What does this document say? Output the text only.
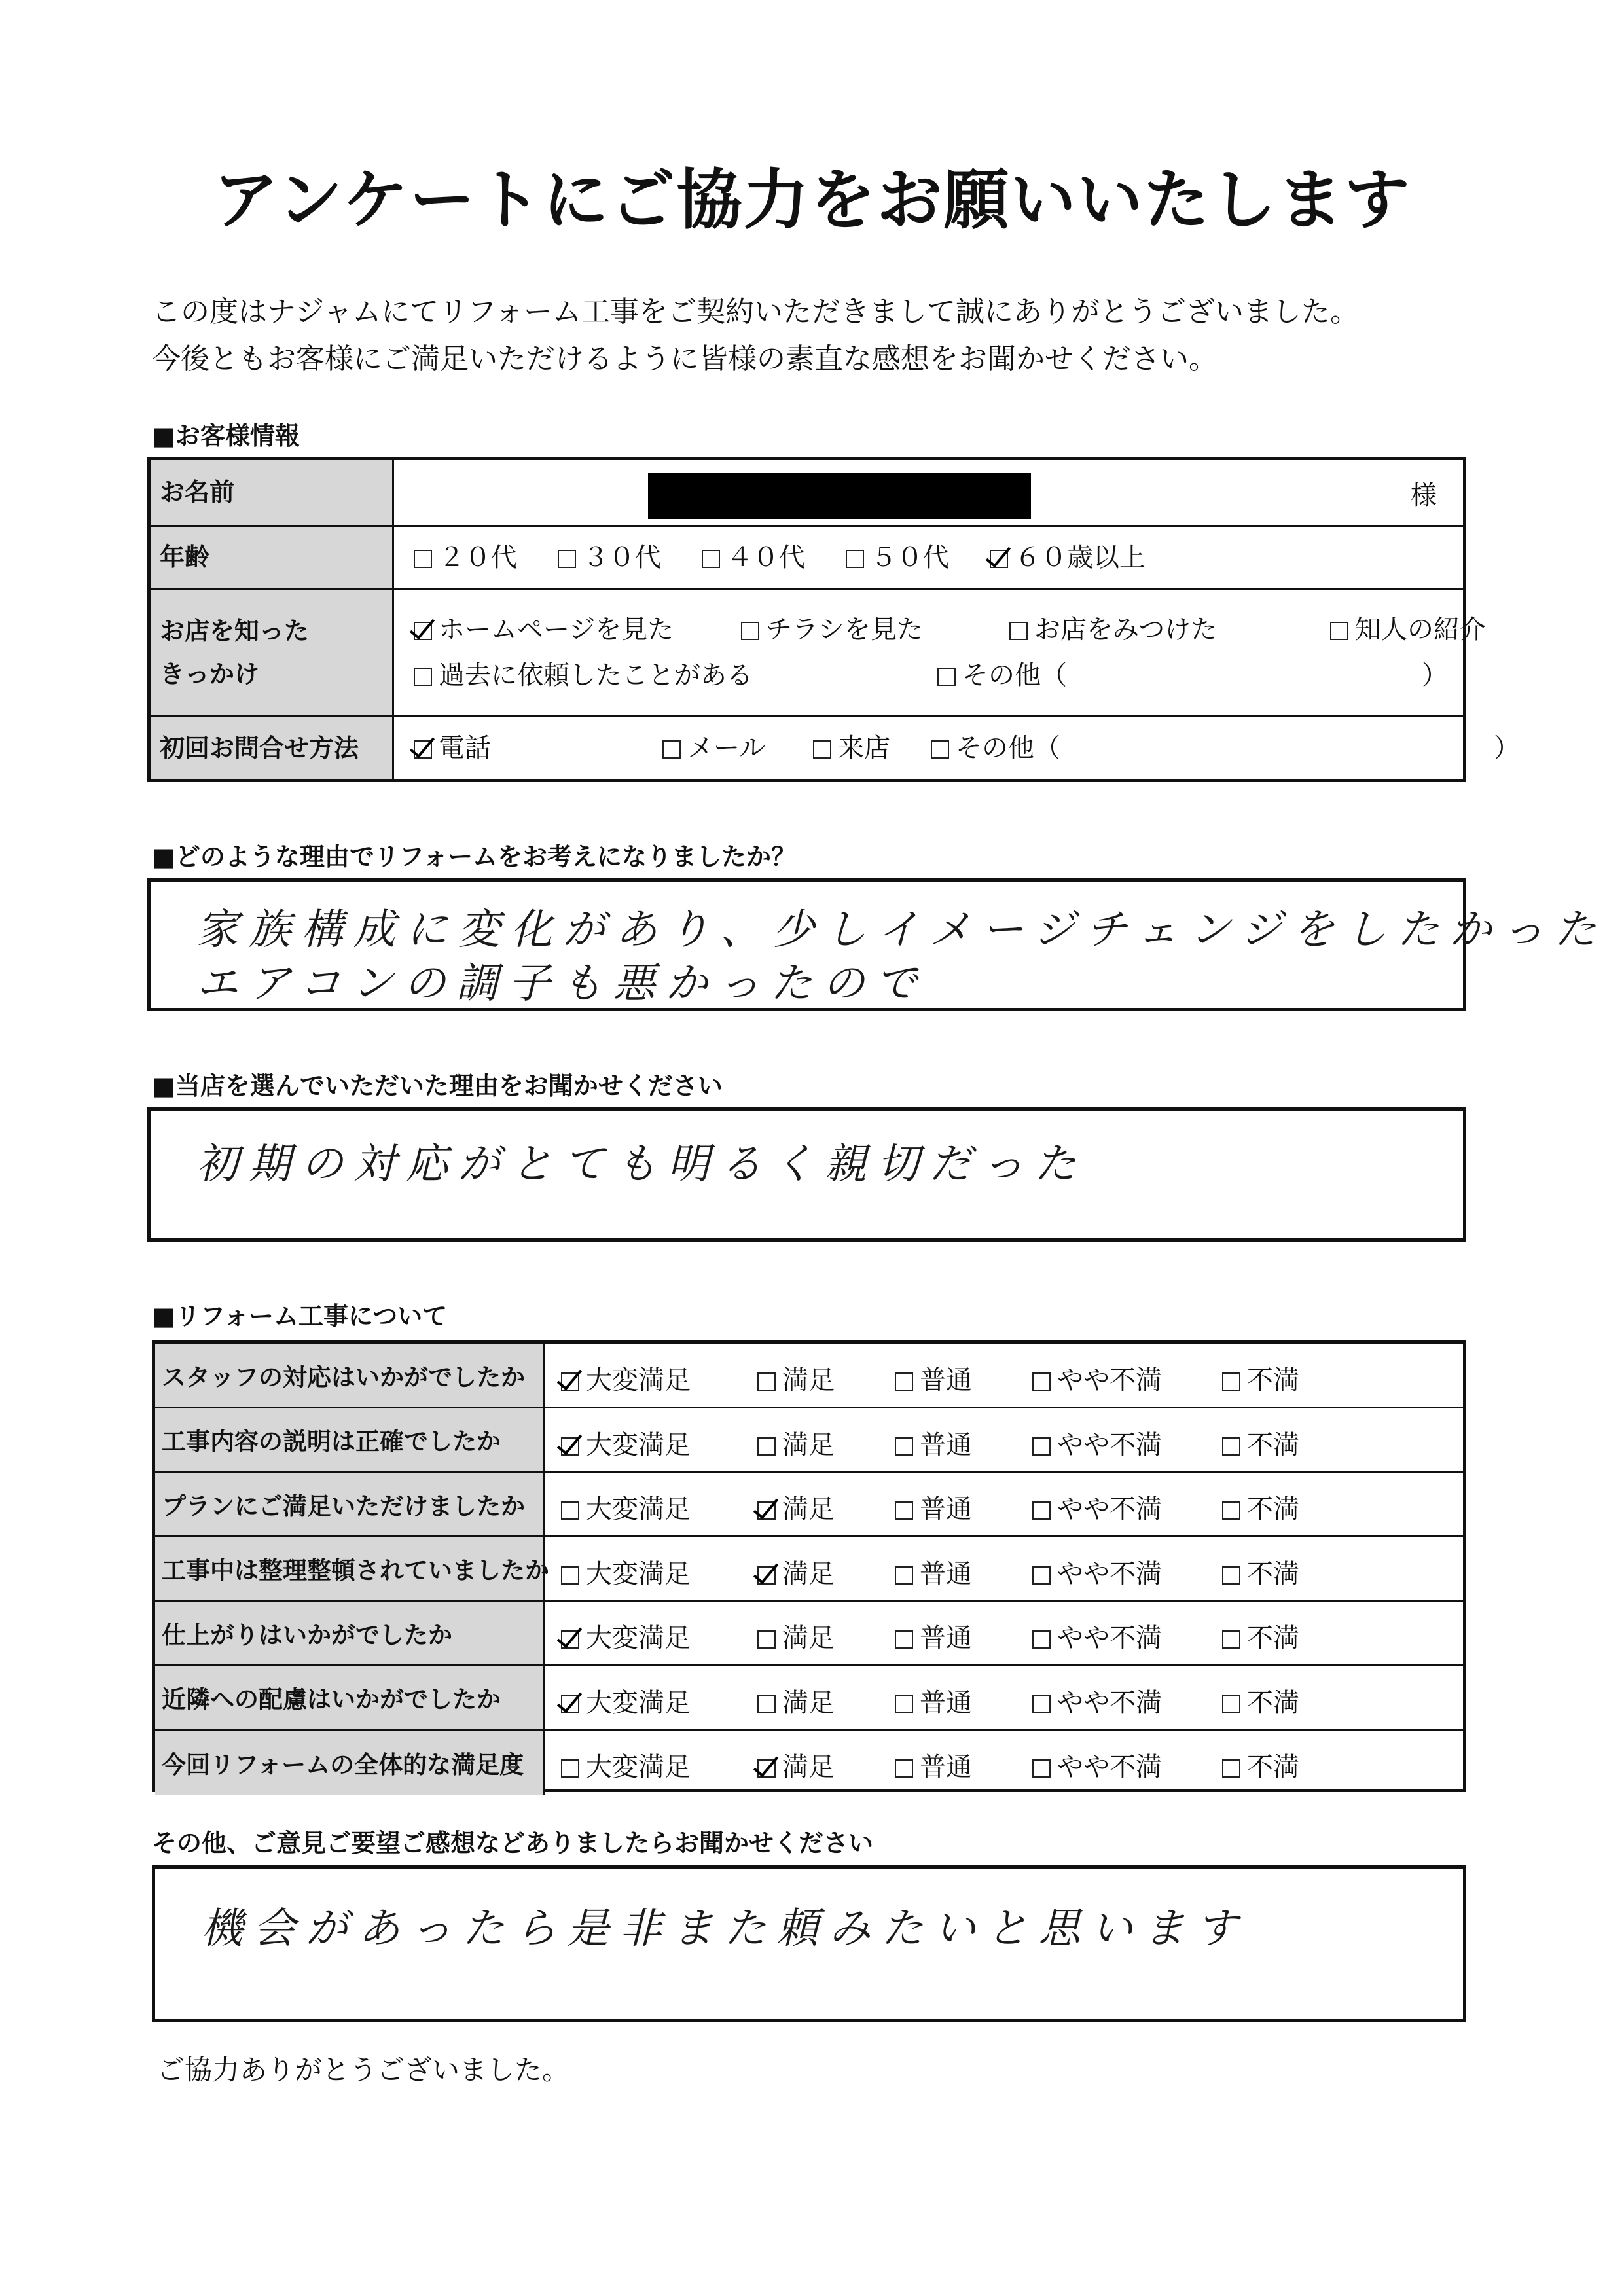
アンケートにご協力をお願いいたします
この度はナジャムにてリフォーム工事をご契約いただきまして誠にありがとうございました。
今後ともお客様にご満足いただけるように皆様の素直な感想をお聞かせください。
■お客様情報
お名前	様
年齢	２０代	３０代	４０代	５０代	６０歳以上
お店を知った
きっかけ
ホームページを見た	チラシを見た	お店をみつけた	知人の紹介
過去に依頼したことがある	その他（	）
初回お問合せ方法	電話	メール	来店	その他（	）
■どのような理由でリフォームをお考えになりましたか？
家族構成に変化があり、少しイメージチェンジをしたかった
エアコンの調子も悪かったので
■当店を選んでいただいた理由をお聞かせください
初期の対応がとても明るく親切だった
■リフォーム工事について
スタッフの対応はいかがでしたか	大変満足	満足	普通	やや不満	不満
工事内容の説明は正確でしたか	大変満足	満足	普通	やや不満	不満
プランにご満足いただけましたか	大変満足	満足	普通	やや不満	不満
工事中は整理整頓されていましたか	大変満足	満足	普通	やや不満	不満
仕上がりはいかがでしたか	大変満足	満足	普通	やや不満	不満
近隣への配慮はいかがでしたか	大変満足	満足	普通	やや不満	不満
今回リフォームの全体的な満足度	大変満足	満足	普通	やや不満	不満
その他、ご意見ご要望ご感想などありましたらお聞かせください
機会があったら是非また頼みたいと思います
ご協力ありがとうございました。
